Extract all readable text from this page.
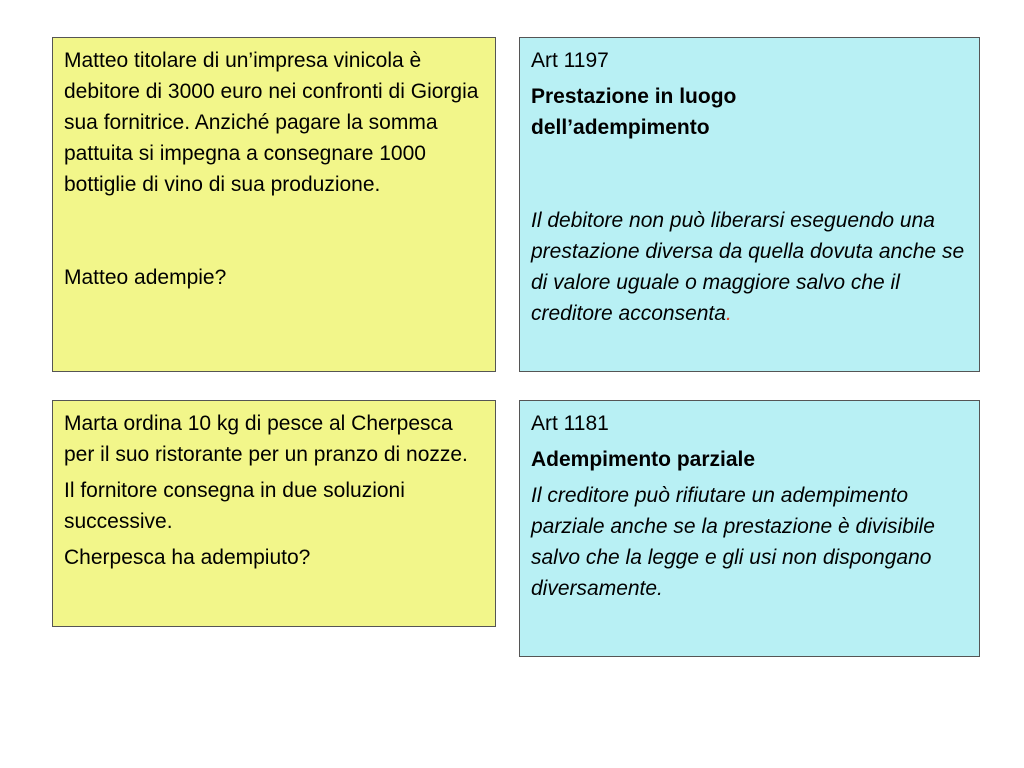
Matteo titolare di un’impresa vinicola è debitore di 3000 euro nei confronti di Giorgia sua fornitrice. Anziché pagare la somma pattuita si impegna a consegnare 1000 bottiglie di vino di sua produzione.

Matteo adempie?

Art 1197

Prestazione in luogo
dell’adempimento

Il debitore non può liberarsi eseguendo una prestazione diversa da quella dovuta anche se di valore uguale o maggiore salvo che il creditore acconsenta.

Marta ordina 10 kg di pesce al Cherpesca per il suo ristorante per un pranzo di nozze.

Il fornitore consegna in due soluzioni successive.

Cherpesca ha adempiuto?

Art 1181

Adempimento parziale

Il creditore può rifiutare un adempimento parziale anche se la prestazione è divisibile salvo che la legge e gli usi non dispongano diversamente.
